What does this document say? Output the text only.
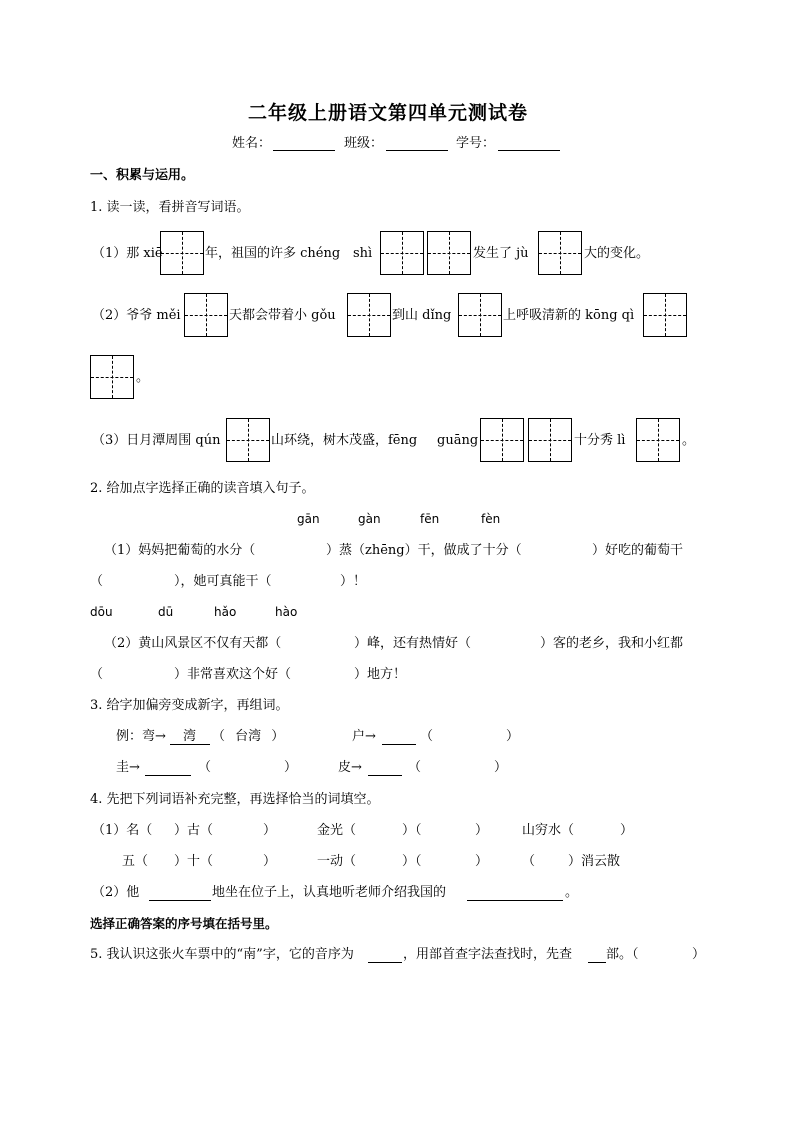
二年级上册语文第四单元测试卷
姓名：	班级：	学号：
一、积累与运用。
1. 读一读，看拼音写词语。
（1）那 xiē	年，祖国的许多 chéng shì	发生了 jù	大的变化。
（2）爷爷 měi	天都会带着小 gǒu	到山 dǐng	上呼吸清新的 kōng qì
。
（3）日月潭周围 qún	山环绕，树木茂盛，fēng guāng	十分秀 lì	。
2. 给加点字选择正确的读音填入句子。
gān	gàn	fēn	fèn
（1）妈妈把葡萄的水分（	）蒸（zhēng）干，做成了十分（	）好吃的葡萄干
（	），她可真能干（	）！
dōu	dū	hǎo	hào
（2）黄山风景区不仅有天都（	）峰，还有热情好（	）客的老乡，我和小红都
（	）非常喜欢这个好（	）地方！
3. 给字加偏旁变成新字，再组词。
例：弯→ 湾 （ 台湾 ）	户→	（	）
圭→	（	）	皮→	（	）
4. 先把下列词语补充完整，再选择恰当的词填空。
（1）名（ ）古（	）	金光（	）（	）	山穷水（	）
五（ ）十（	）	一动（	）（	）	（	）消云散
（2）他	地坐在位子上，认真地听老师介绍我国的	。
选择正确答案的序号填在括号里。
5. 我认识这张火车票中的“南”字，它的音序为	，用部首查字法查找时，先查	部。（	）
